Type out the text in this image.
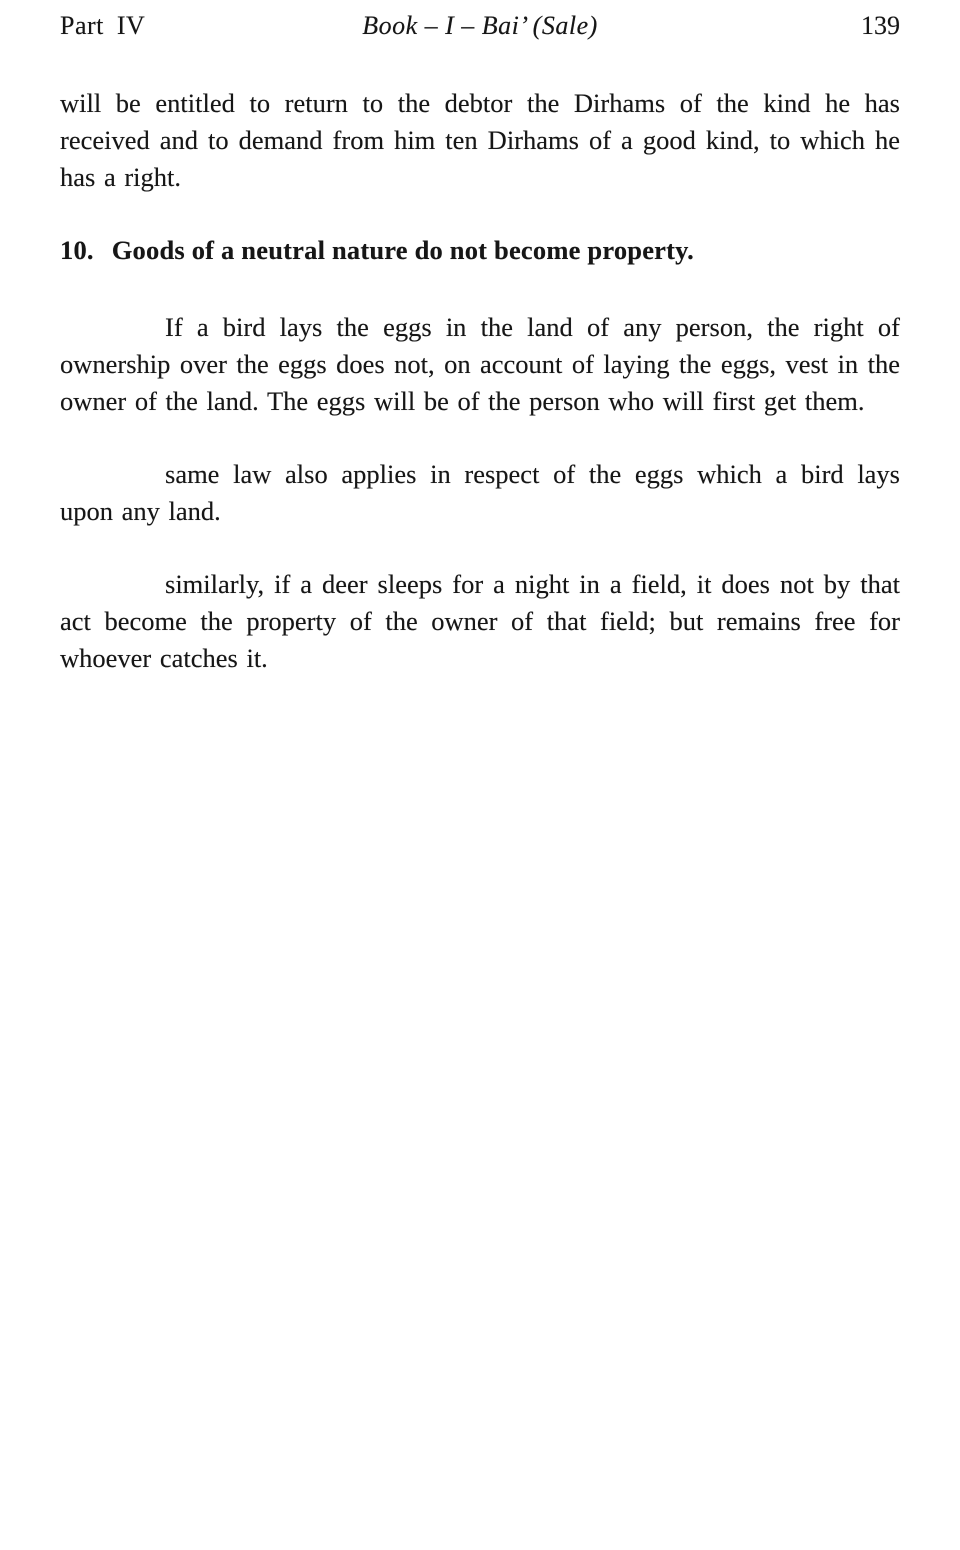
Part IV	Book – I – Bai’ (Sale)	139

will be entitled to return to the debtor the Dirhams of the kind he has received and to demand from him ten Dirhams of a good kind, to which he has a right.

10. Goods of a neutral nature do not become property.

If a bird lays the eggs in the land of any person, the right of ownership over the eggs does not, on account of laying the eggs, vest in the owner of the land. The eggs will be of the person who will first get them.

same law also applies in respect of the eggs which a bird lays upon any land.

similarly, if a deer sleeps for a night in a field, it does not by that act become the property of the owner of that field; but remains free for whoever catches it.
